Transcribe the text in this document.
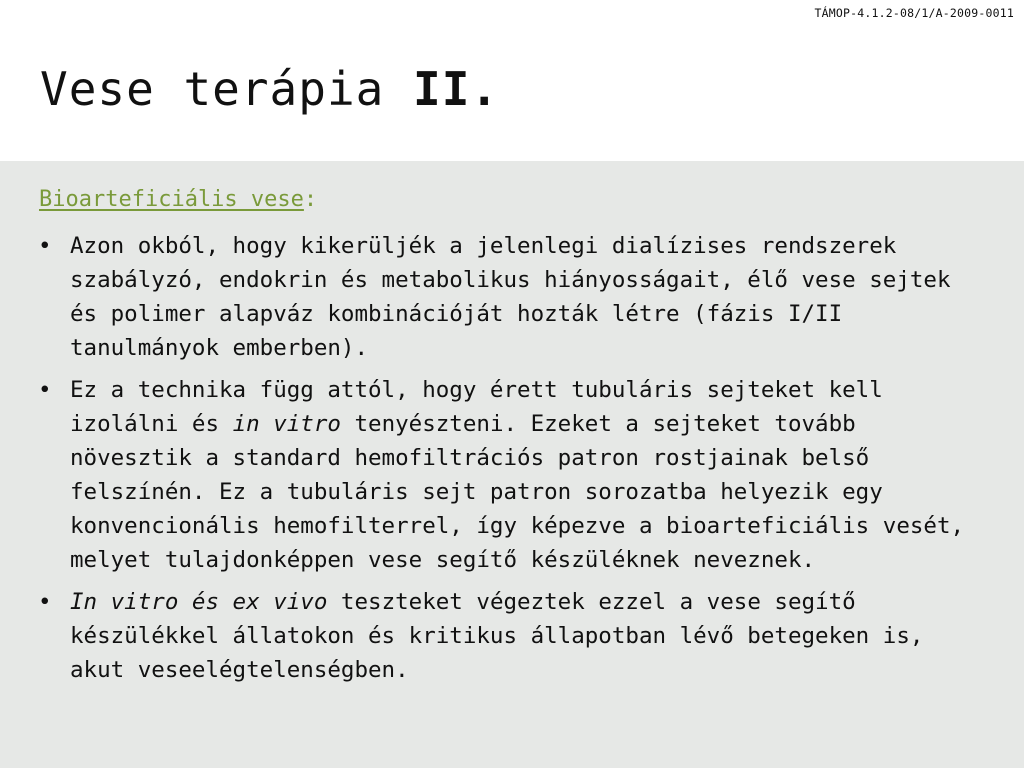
TÁMOP-4.1.2-08/1/A-2009-0011
Vese terápia II.
Bioarteficiális vese:
• Azon okból, hogy kikerüljék a jelenlegi dialízises rendszerek szabályzó, endokrin és metabolikus hiányosságait, élő vese sejtek és polimer alapváz kombinációját hozták létre (fázis I/II tanulmányok emberben).
• Ez a technika függ attól, hogy érett tubuláris sejteket kell izolálni és in vitro tenyészteni. Ezeket a sejteket tovább növesztik a standard hemofiltrációs patron rostjainak belső felszínén. Ez a tubuláris sejt patron sorozatba helyezik egy konvencionális hemofilterrel, így képezve a bioarteficiális vesét, melyet tulajdonképpen vese segítő készüléknek neveznek.
• In vitro és ex vivo teszteket végeztek ezzel a vese segítő készülékkel állatokon és kritikus állapotban lévő betegeken is, akut veseelégtelenségben.
